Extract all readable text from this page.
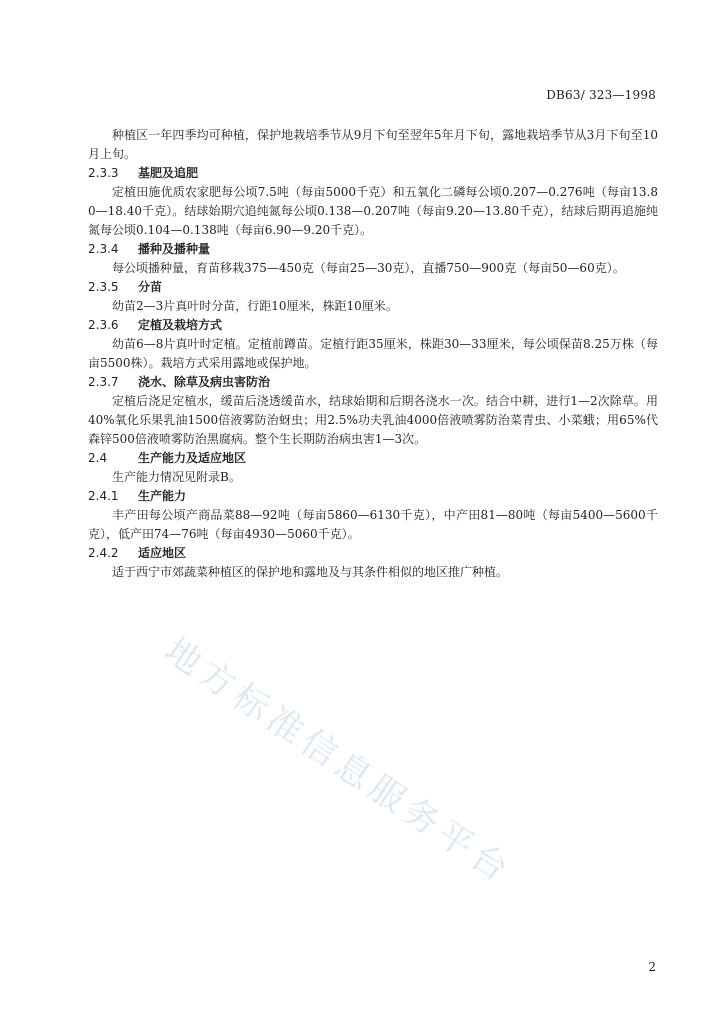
DB63/ 323—1998

种植区一年四季均可种植，保护地栽培季节从9月下旬至翌年5年月下旬，露地栽培季节从3月下旬至10月上旬。

2.3.3 基肥及追肥

定植田施优质农家肥每公顷7.5吨（每亩5000千克）和五氧化二磷每公顷0.207—0.276吨（每亩13.80—18.40千克）。结球始期穴追纯氮每公顷0.138—0.207吨（每亩9.20—13.80千克），结球后期再追施纯氮每公顷0.104—0.138吨（每亩6.90—9.20千克）。

2.3.4 播种及播种量

每公顷播种量，育苗移栽375—450克（每亩25—30克），直播750—900克（每亩50—60克）。

2.3.5 分苗

幼苗2—3片真叶时分苗，行距10厘米，株距10厘米。

2.3.6 定植及栽培方式

幼苗6—8片真叶时定植。定植前蹲苗。定植行距35厘米，株距30—33厘米，每公顷保苗8.25万株（每亩5500株）。栽培方式采用露地或保护地。

2.3.7 浇水、除草及病虫害防治

定植后浇足定植水，缓苗后浇透缓苗水，结球始期和后期各浇水一次。结合中耕，进行1—2次除草。用40%氧化乐果乳油1500倍液雾防治蚜虫；用2.5%功夫乳油4000倍液喷雾防治菜青虫、小菜蛾；用65%代森锌500倍液喷雾防治黑腐病。整个生长期防治病虫害1—3次。

2.4	生产能力及适应地区

生产能力情况见附录B。

2.4.1 生产能力

丰产田每公顷产商品菜88—92吨（每亩5860—6130千克），中产田81—80吨（每亩5400—5600千克），低产田74—76吨（每亩4930—5060千克）。

2.4.2 适应地区

适于西宁市郊蔬菜种植区的保护地和露地及与其条件相似的地区推广种植。

地方标准信息服务平台
2
